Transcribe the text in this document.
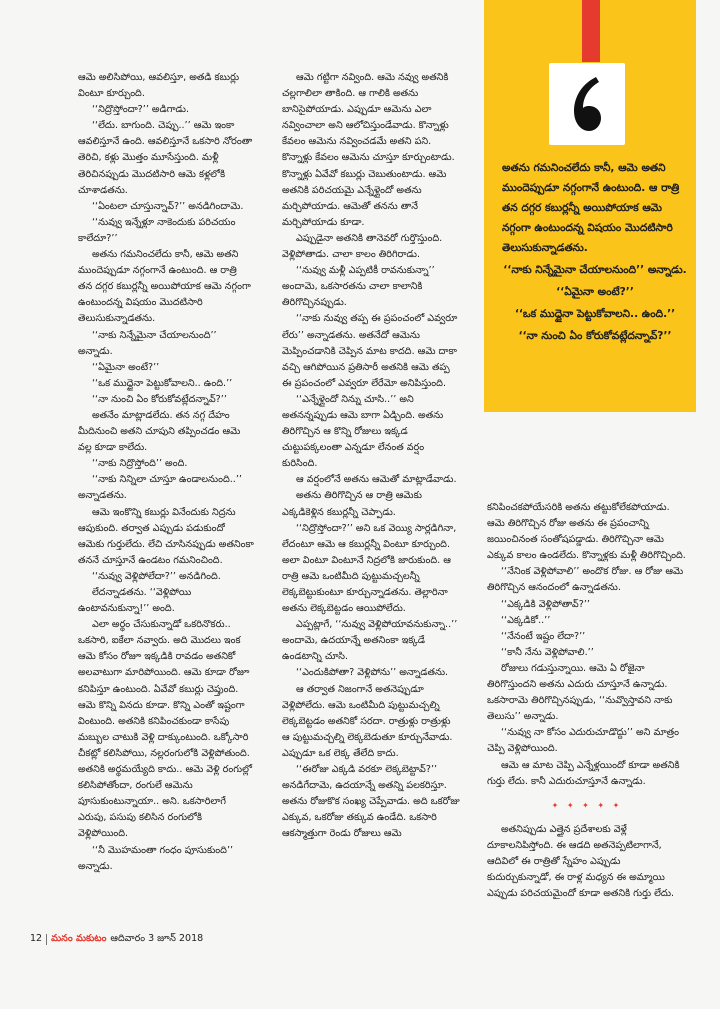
అతను గమనించలేదు కానీ, ఆమె అతని ముందెప్పుడూ నగ్గంగానే ఉంటుంది. ఆ రాత్రి తన దగ్గర కబుర్లన్నీ అయిపోయాక ఆమె నగ్గంగా ఉంటుందన్న విషయం మొదటిసారి తెలుసుకున్నాడతను.

‘‘నాకు నిన్నేమైనా చేయాలనుంది’’ అన్నాడు.

‘‘ఏమైనా అంటే?’’

‘‘ఒక ముద్దైనా పెట్టుకోవాలని.. ఉంది.’’

‘‘నా నుంచి ఏం కోరుకోవట్లేదన్నావ్?’’

ఆమె అలిసిపోయి, ఆవలిస్తూ, అతడి కబుర్లు వింటూ కూర్చుంది.

‘‘నిద్రొస్తోందా?’’ అడిగాడు.

‘‘లేదు. బాగుంది. చెప్పు..’’ ఆమె ఇంకా ఆవలిస్తూనే ఉంది. ఆవలిస్తూనే ఒకసారి నోరంతా తెరిచి, కళ్లు మొత్తం మూసేస్తుంది. మళ్లీ తెరిచినప్పుడు మొదటిసారి ఆమె కళ్లలోకి చూశాడతను.

‘‘ఏంటలా చూస్తున్నావ్?’’ అనడిగిందామె.

‘‘నువ్వు ఇన్నేళ్లూ నాకెందుకు పరిచయం కాలేదూ?’’

అతను గమనించలేదు కానీ, ఆమె అతని ముందెప్పుడూ నగ్గంగానే ఉంటుంది. ఆ రాత్రి తన దగ్గర కబుర్లన్నీ అయిపోయాక ఆమె నగ్గంగా ఉంటుందన్న విషయం మొదటిసారి తెలుసుకున్నాడతను.

‘‘నాకు నిన్నేమైనా చేయాలనుంది’’ అన్నాడు.

‘‘ఏమైనా అంటే?’’

‘‘ఒక ముద్దైనా పెట్టుకోవాలని.. ఉంది.’’

‘‘నా నుంచి ఏం కోరుకోవట్లేదన్నావ్?’’

అతనేం మాట్లాడలేదు. తన నగ్గ దేహం మీదినుంచి అతని చూపుని తప్పించడం ఆమె వల్ల కూడా కాలేదు.

‘‘నాకు నిద్రొస్తోంది’’ అంది.

‘‘నాకు నిన్నిలా చూస్తూ ఉండాలనుంది..’’ అన్నాడతను.

ఆమె ఇంకొన్ని కబుర్లు వినేందుకు నిద్రను ఆపుకుంది. తర్వాత ఎప్పుడు పడుకుందో ఆమెకు గుర్తులేదు. లేచి చూసినప్పుడు అతనింకా తననే చూస్తూనే ఉండటం గమనించింది.

‘‘నువ్వు వెళ్లిపోలేదా?’’ అనడిగింది.

లేదన్నాడతను. ‘‘వెళ్లిపోయి ఉంటావనుకున్నా!’’ అంది.

ఎలా అర్థం చేసుకున్నాడో ఒకరినొకరు.. ఒకసారి, ఐకేలా నవ్వారు. అది మొదలు ఇంక ఆమె కోసం రోజూ ఇక్కడికి రావడం అతనికో అలవాటుగా మారిపోయింది. ఆమె కూడా రోజూ కనిపిస్తూ ఉంటుంది. ఏవేవో కబుర్లు చెప్తుంది. ఆమె కొన్ని వినదు కూడా. కొన్ని ఎంతో ఇష్టంగా వింటుంది. అతనికి కనిపించకుండా కాసేపు మబ్బుల చాటుకి వెళ్లి దాక్కుంటుంది. ఒక్కోసారి చీకట్లో కలిసిపోయి, నల్లరంగులోకి వెళ్లిపోతుంది. అతనికి అర్థమయ్యేది కాదు.. ఆమె వెళ్లి రంగుల్లో కలిసిపోతోందా, రంగులే ఆమెను పూసుకుంటున్నాయా.. అని. ఒకసారిలాగే ఎరుపు, పసుపు కలిసిన రంగులోకి వెళ్లిపోయింది.

‘‘నీ మొహమంతా గంధం పూసుకుంది’’ అన్నాడు.

ఆమె గట్టిగా నవ్వింది. ఆమె నవ్వు అతనికి చల్లగాలిలా తాకింది. ఆ గాలికి అతను బానిసైపోయాడు. ఎప్పుడూ ఆమెను ఎలా నవ్వించాలా అని ఆలోచిస్తుండేవాడు. కొన్నాళ్లు కేవలం ఆమెను నవ్వించడమే అతని పని. కొన్నాళ్లు కేవలం ఆమెను చూస్తూ కూర్చుంటాడు. కొన్నాళ్లు ఏవేవో కబుర్లు చెబుతుంటాడు. ఆమె అతనికి పరిచయమై ఎన్నేళ్లైందో అతను మర్చిపోయాడు. ఆమెతో తనను తానే మర్చిపోయాడు కూడా.

ఎప్పుడైనా అతనికి తానెవరో గుర్తొస్తుంది. వెళ్లిపోతాడు. చాలా కాలం తిరిగిరాడు.

‘‘నువ్వు మళ్లీ ఎప్పటికీ రావనుకున్నా’’ అందామె, ఒకసారతను చాలా కాలానికి తిరిగొచ్చినప్పుడు.

‘‘నాకు నువ్వు తప్ప ఈ ప్రపంచంలో ఎవ్వరూ లేరు’’ అన్నాడతను. అతనేదో ఆమెను మెప్పించడానికి చెప్పిన మాట కాదది. ఆమె దాకా వచ్చి ఆగిపోయిన ప్రతిసారీ అతనికి ఆమె తప్ప ఈ ప్రపంచంలో ఎవ్వరూ లేరేమో అనిపిస్తుంది.

‘‘ఎన్నేళ్లైందో నిన్ను చూసి..’’ అని అతనన్నప్పుడు ఆమె బాగా ఏడ్చింది. అతను తిరిగొచ్చిన ఆ కొన్ని రోజులు ఇక్కడ చుట్టుపక్కలంతా ఎన్నడూ లేనంత వర్షం కురిసింది.

ఆ వర్షంలోనే అతను ఆమెతో మాట్లాడేవాడు.

అతను తిరిగొచ్చిన ఆ రాత్రి ఆమెకు ఎక్కడికెళ్లిన కబుర్లన్నీ చెప్పాడు.

‘‘నిద్రొస్తోందా?’’ అని ఒక వెయ్యి సార్లడిగినా, లేదంటూ ఆమె ఆ కబుర్లన్నీ వింటూ కూర్చుంది. అలా వింటూ వింటూనే నిద్రలోకి జారుకుంది. ఆ రాత్రి ఆమె ఒంటిమీది పుట్టుమచ్చలన్నీ లెక్కబెట్టుకుంటూ కూర్చున్నాడతను. తెల్లారినా అతను లెక్కబెట్టడం ఆయిపోలేదు.

ఎప్పట్లాగే, ‘‘నువ్వు వెళ్లిపోయావనుకున్నా..’’ అందామె, ఉదయాన్నే అతనింకా ఇక్కడే ఉండటాన్ని చూసి.

‘‘ఎందుకిపోతా? వెళ్లిపోను’’ అన్నాడతను.

ఆ తర్వాత నిజంగానే అతనెప్పుడూ వెళ్లిపోలేదు. ఆమె ఒంటిమీది పుట్టుమచ్చల్ని లెక్కబెట్టడం అతనికో సరదా. రాత్రుళ్లు రాత్రుళ్లు ఆ పుట్టుమచ్చల్ని లెక్కబెడుతూ కూర్చునేవాడు. ఎప్పుడూ ఒక లెక్క తేలేది కాదు.

‘‘ఈరోజు ఎక్కడి వరకూ లెక్కబెట్టావ్?’’ అనడిగేదామె, ఉదయాన్నే అతన్ని పలకరిస్తూ.

అతను రోజుకొక సంఖ్య చెప్పేవాడు. అది ఒకరోజు ఎక్కువ, ఒకరోజు తక్కువ ఉండేది. ఒకసారి ఆకస్మాత్తుగా రెండు రోజులు ఆమె

కనిపించకపోయేసరికి అతను తట్టుకోలేకపోయాడు. ఆమె తిరిగొచ్చిన రోజు అతను ఈ ప్రపంచాన్ని జయించినంత సంతోషపడ్డాడు. తిరిగొచ్చినా ఆమె ఎక్కువ కాలం ఉండలేదు. కొన్నాళ్లకు మళ్లీ తిరిగొచ్చింది.

‘‘నేనింక వెళ్లిపోవాలి’’ అందొక రోజు. ఆ రోజు ఆమె తిరిగొచ్చిన ఆనందంలో ఉన్నాడతను.

‘‘ఎక్కడికి వెళ్లిపోతావ్?’’

‘‘ఎక్కడికో..’’

‘‘నేనంటే ఇష్టం లేదా?’’

‘‘కానీ నేను వెళ్లిపోవాలి.’’

రోజులు గడుస్తున్నాయి. ఆమె ఏ రోజైనా తిరిగొస్తుందని అతను ఎదురు చూస్తూనే ఉన్నాడు. ఒకసారామె తిరిగొచ్చినప్పుడు, ‘‘నువ్వొస్తావని నాకు తెలుసు’’ అన్నాడు.

‘‘నువ్వు నా కోసం ఎదురుచూడొద్దు’’ అని మాత్రం చెప్పి వెళ్లిపోయింది.

ఆమె ఆ మాట చెప్పి ఎన్నేళ్లయిందో కూడా అతనికి గుర్తు లేదు. కానీ ఎదురుచూస్తూనే ఉన్నాడు.

✦ ✦ ✦ ✦ ✦
12 మనం మకుటం ఆదివారం 3 జూన్ 2018

అతనిప్పుడు ఎత్తైన ప్రదేశాలకు వెళ్లే దూకాలనిపిస్తోంది. ఈ ఆడది అతనెప్పటిలాగానే, ఆదివిలో ఈ రాత్రితో స్నేహం ఎప్పుడు కుదుర్చుకున్నాడో, ఈ రాళ్ల మధ్యన ఈ అమ్మాయి ఎప్పుడు పరిచయమైందో కూడా అతనికి గుర్తు లేదు.
